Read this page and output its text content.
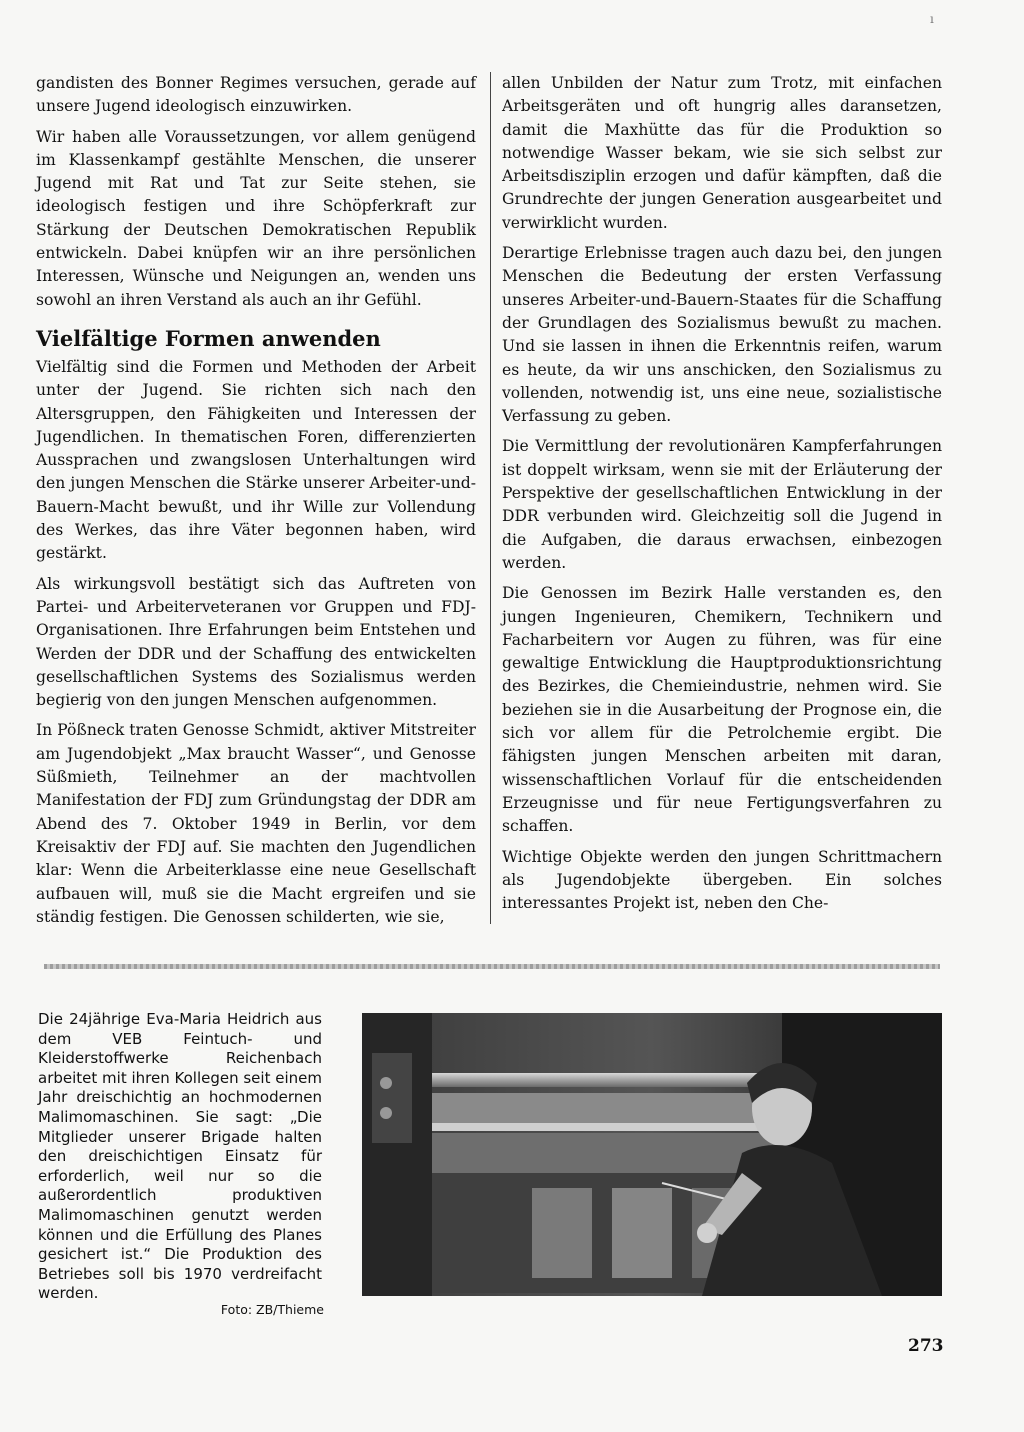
ı

gandisten des Bonner Regimes versuchen, gerade auf unsere Jugend ideologisch einzuwirken.

Wir haben alle Voraussetzungen, vor allem genügend im Klassenkampf gestählte Menschen, die unserer Jugend mit Rat und Tat zur Seite stehen, sie ideologisch festigen und ihre Schöpferkraft zur Stärkung der Deutschen Demokratischen Republik entwickeln. Dabei knüpfen wir an ihre persönlichen Interessen, Wünsche und Neigungen an, wenden uns sowohl an ihren Verstand als auch an ihr Gefühl.

Vielfältige Formen anwenden

Vielfältig sind die Formen und Methoden der Arbeit unter der Jugend. Sie richten sich nach den Altersgruppen, den Fähigkeiten und Interessen der Jugendlichen. In thematischen Foren, differenzierten Aussprachen und zwangslosen Unterhaltungen wird den jungen Menschen die Stärke unserer Arbeiter-und-Bauern-Macht bewußt, und ihr Wille zur Vollendung des Werkes, das ihre Väter begonnen haben, wird gestärkt.

Als wirkungsvoll bestätigt sich das Auftreten von Partei- und Arbeiterveteranen vor Gruppen und FDJ-Organisationen. Ihre Erfahrungen beim Entstehen und Werden der DDR und der Schaffung des entwickelten gesellschaftlichen Systems des Sozialismus werden begierig von den jungen Menschen aufgenommen.

In Pößneck traten Genosse Schmidt, aktiver Mitstreiter am Jugendobjekt „Max braucht Wasser“, und Genosse Süßmieth, Teilnehmer an der machtvollen Manifestation der FDJ zum Gründungstag der DDR am Abend des 7. Oktober 1949 in Berlin, vor dem Kreisaktiv der FDJ auf. Sie machten den Jugendlichen klar: Wenn die Arbeiterklasse eine neue Gesellschaft aufbauen will, muß sie die Macht ergreifen und sie ständig festigen. Die Genossen schilderten, wie sie,

allen Unbilden der Natur zum Trotz, mit einfachen Arbeitsgeräten und oft hungrig alles daransetzen, damit die Maxhütte das für die Produktion so notwendige Wasser bekam, wie sie sich selbst zur Arbeitsdisziplin erzogen und dafür kämpften, daß die Grundrechte der jungen Generation ausgearbeitet und verwirklicht wurden.

Derartige Erlebnisse tragen auch dazu bei, den jungen Menschen die Bedeutung der ersten Verfassung unseres Arbeiter-und-Bauern-Staates für die Schaffung der Grundlagen des Sozialismus bewußt zu machen. Und sie lassen in ihnen die Erkenntnis reifen, warum es heute, da wir uns anschicken, den Sozialismus zu vollenden, notwendig ist, uns eine neue, sozialistische Verfassung zu geben.

Die Vermittlung der revolutionären Kampferfahrungen ist doppelt wirksam, wenn sie mit der Erläuterung der Perspektive der gesellschaftlichen Entwicklung in der DDR verbunden wird. Gleichzeitig soll die Jugend in die Aufgaben, die daraus erwachsen, einbezogen werden.

Die Genossen im Bezirk Halle verstanden es, den jungen Ingenieuren, Chemikern, Technikern und Facharbeitern vor Augen zu führen, was für eine gewaltige Entwicklung die Hauptproduktionsrichtung des Bezirkes, die Chemieindustrie, nehmen wird. Sie beziehen sie in die Ausarbeitung der Prognose ein, die sich vor allem für die Petrolchemie ergibt. Die fähigsten jungen Menschen arbeiten mit daran, wissenschaftlichen Vorlauf für die entscheidenden Erzeugnisse und für neue Fertigungsverfahren zu schaffen.

Wichtige Objekte werden den jungen Schrittmachern als Jugendobjekte übergeben. Ein solches interessantes Projekt ist, neben den Che-

Die 24jährige Eva-Maria Heidrich aus dem VEB Feintuch- und Kleiderstoffwerke Reichenbach arbeitet mit ihren Kollegen seit einem Jahr dreischichtig an hochmodernen Malimomaschinen. Sie sagt: „Die Mitglieder unserer Brigade halten den dreischichtigen Einsatz für erforderlich, weil nur so die außerordentlich produktiven Malimomaschinen genutzt werden können und die Erfüllung des Planes gesichert ist.“ Die Produktion des Betriebes soll bis 1970 verdreifacht werden.
Foto: ZB/Thieme
273
